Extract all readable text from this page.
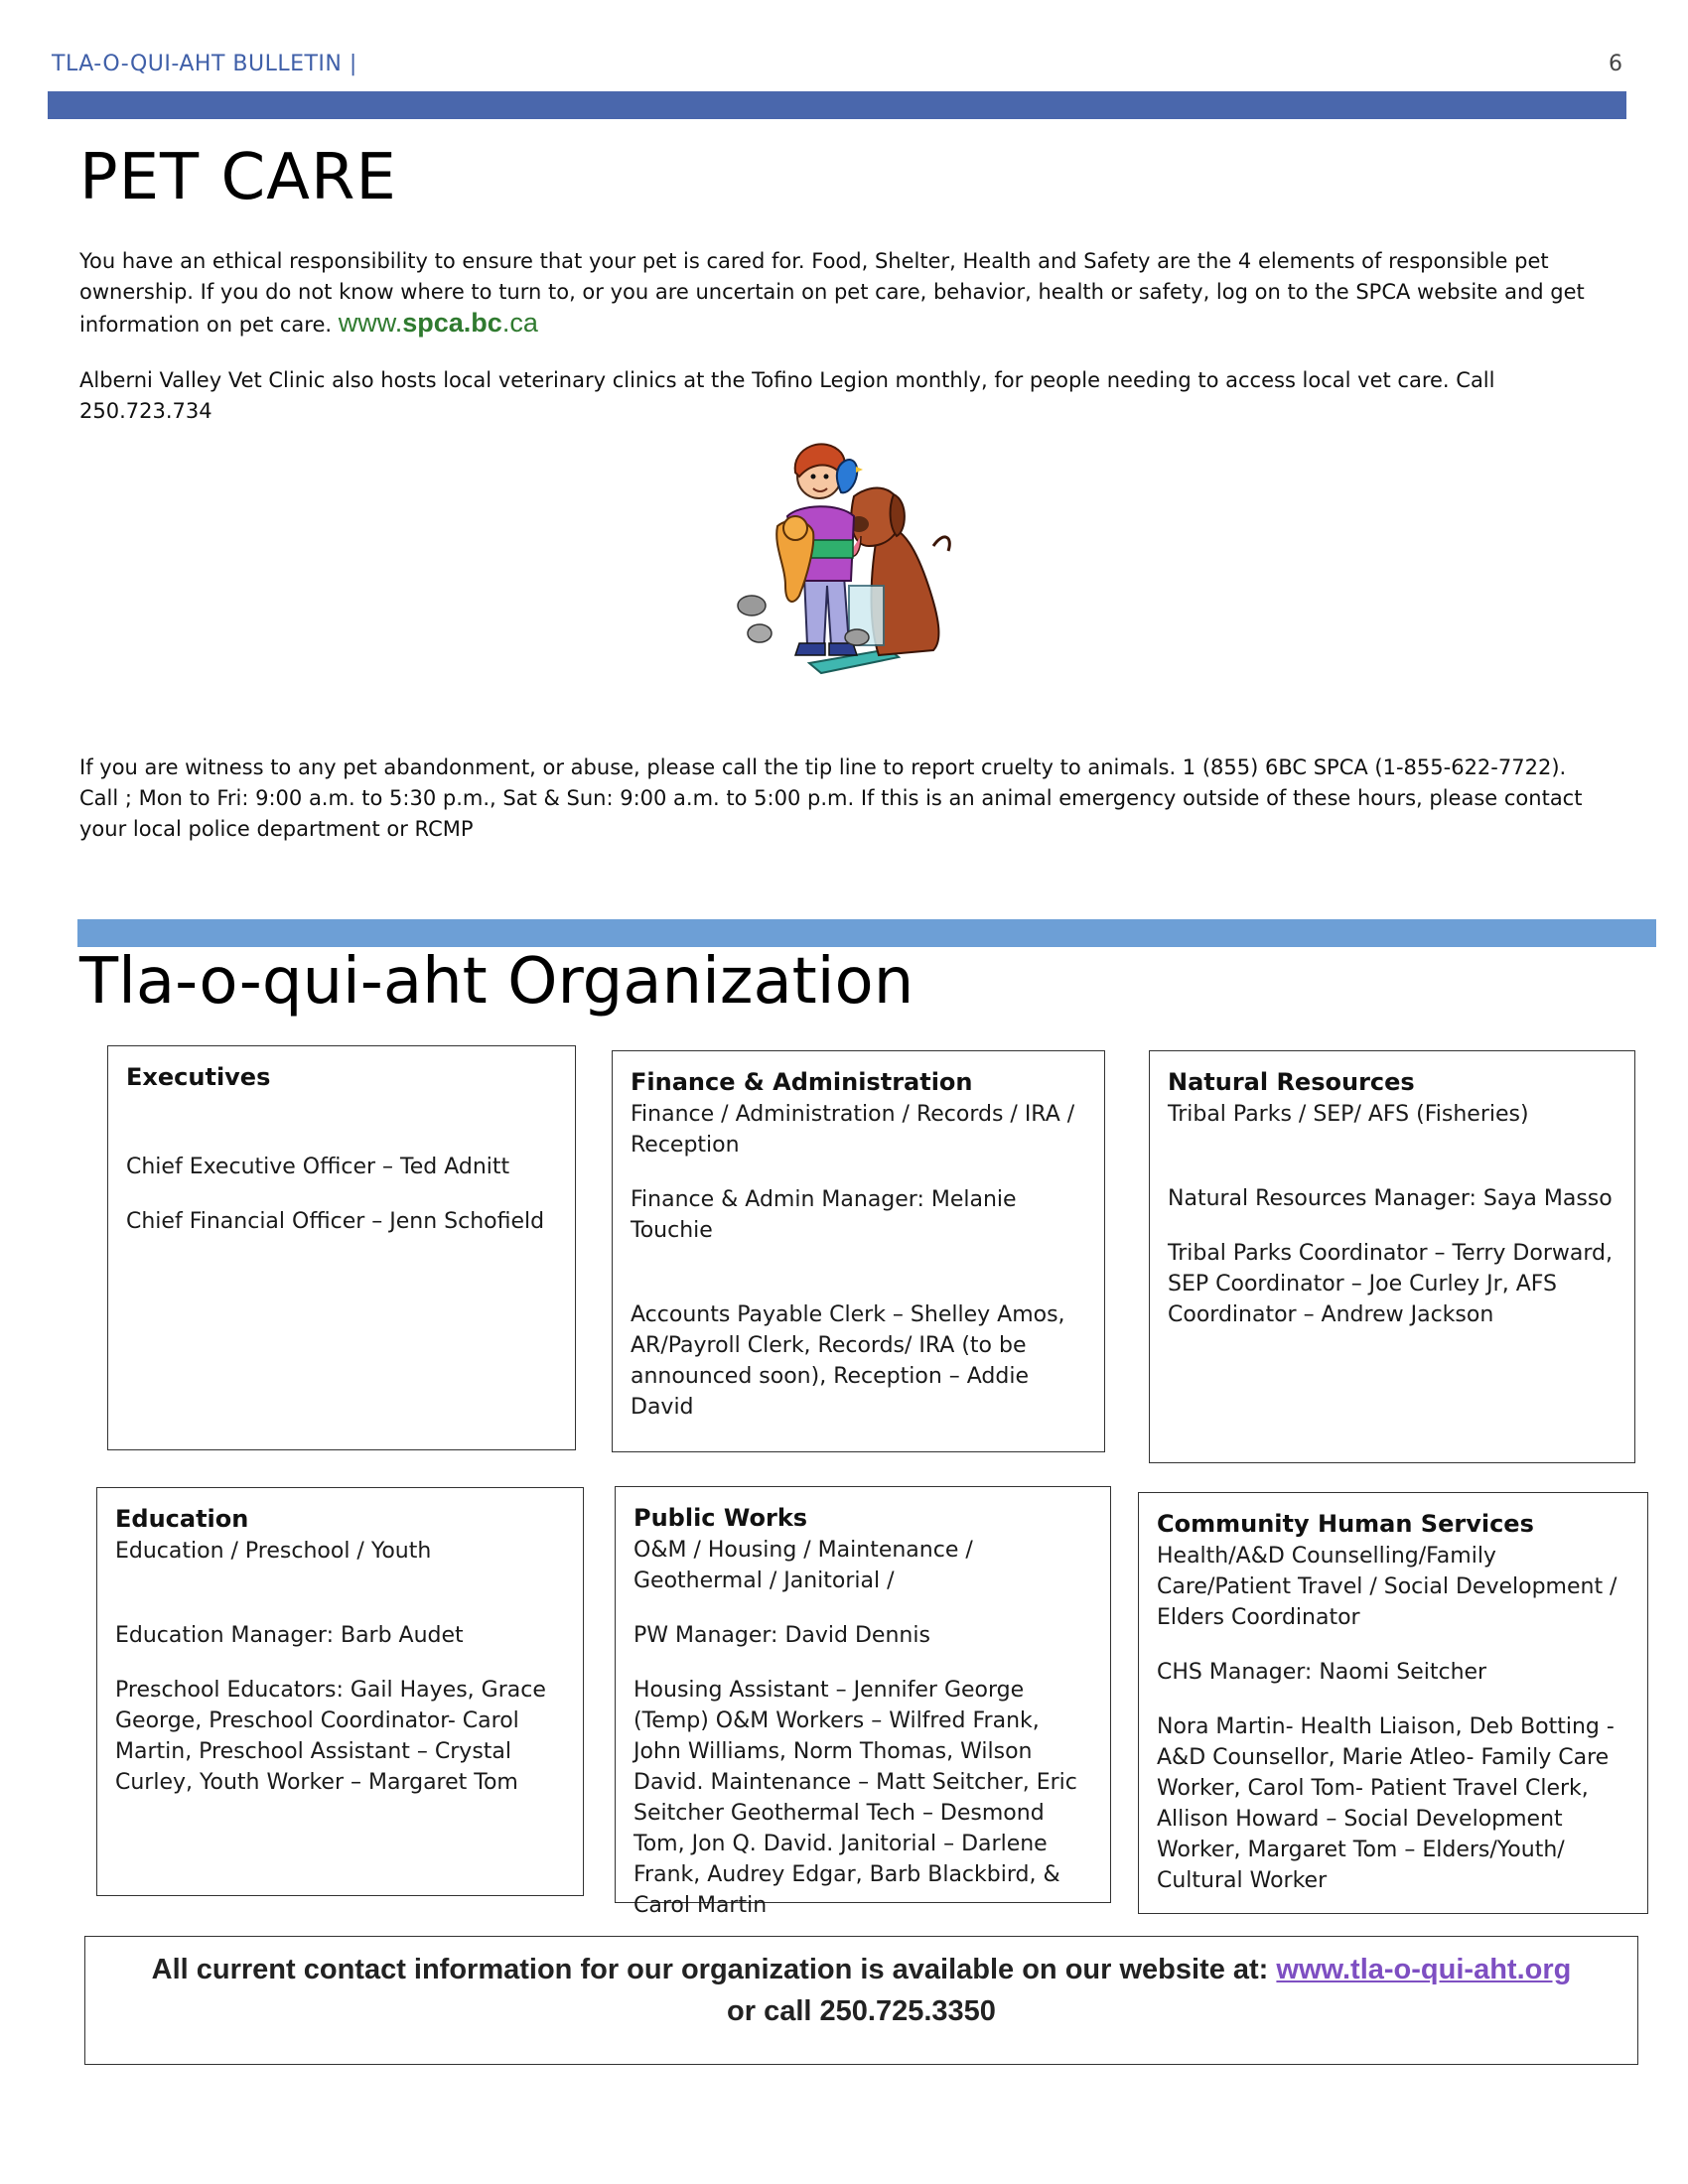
TLA-O-QUI-AHT BULLETIN |	6
PET CARE
You have an ethical responsibility to ensure that your pet is cared for. Food, Shelter, Health and Safety are the 4 elements of responsible pet ownership. If you do not know where to turn to, or you are uncertain on pet care, behavior, health or safety, log on to the SPCA website and get information on pet care. www.spca.bc.ca
Alberni Valley Vet Clinic also hosts local veterinary clinics at the Tofino Legion monthly, for people needing to access local vet care. Call 250.723.734
If you are witness to any pet abandonment, or abuse, please call the tip line to report cruelty to animals. 1 (855) 6BC SPCA (1-855-622-7722). Call ; Mon to Fri: 9:00 a.m. to 5:30 p.m., Sat & Sun: 9:00 a.m. to 5:00 p.m. If this is an animal emergency outside of these hours, please contact your local police department or RCMP
Tla-o-qui-aht Organization
Executives
Chief Executive Officer – Ted Adnitt
Chief Financial Officer – Jenn Schofield
Finance & Administration
Finance / Administration / Records / IRA / Reception
Finance & Admin Manager: Melanie Touchie
Accounts Payable Clerk – Shelley Amos, AR/Payroll Clerk, Records/ IRA (to be announced soon), Reception – Addie David
Natural Resources
Tribal Parks / SEP/ AFS (Fisheries)
Natural Resources Manager: Saya Masso
Tribal Parks Coordinator – Terry Dorward, SEP Coordinator – Joe Curley Jr, AFS Coordinator – Andrew Jackson
Education
Education / Preschool / Youth
Education Manager: Barb Audet
Preschool Educators: Gail Hayes, Grace George, Preschool Coordinator- Carol Martin, Preschool Assistant – Crystal Curley, Youth Worker – Margaret Tom
Public Works
O&M / Housing / Maintenance / Geothermal / Janitorial /
PW Manager: David Dennis
Housing Assistant – Jennifer George (Temp) O&M Workers – Wilfred Frank, John Williams, Norm Thomas, Wilson David. Maintenance – Matt Seitcher, Eric Seitcher Geothermal Tech – Desmond Tom, Jon Q. David. Janitorial – Darlene Frank, Audrey Edgar, Barb Blackbird, & Carol Martin
Community Human Services
Health/A&D Counselling/Family Care/Patient Travel / Social Development / Elders Coordinator
CHS Manager: Naomi Seitcher
Nora Martin- Health Liaison, Deb Botting - A&D Counsellor, Marie Atleo- Family Care Worker, Carol Tom- Patient Travel Clerk, Allison Howard – Social Development Worker, Margaret Tom – Elders/Youth/ Cultural Worker
All current contact information for our organization is available on our website at: www.tla-o-qui-aht.org
or call 250.725.3350
